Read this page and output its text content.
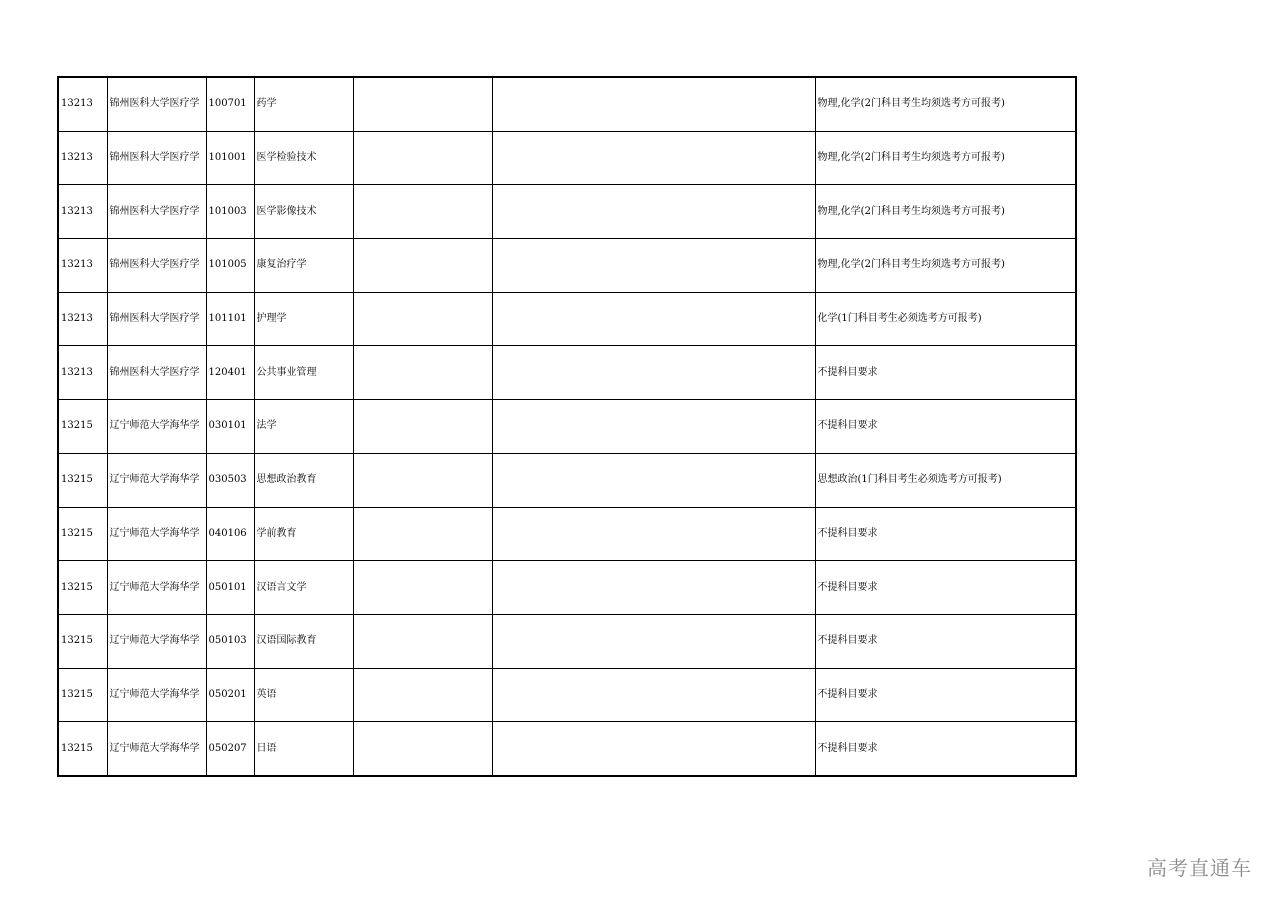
13213	锦州医科大学医疗学	100701	药学			物理,化学(2门科目考生均须选考方可报考)
13213	锦州医科大学医疗学	101001	医学检验技术			物理,化学(2门科目考生均须选考方可报考)
13213	锦州医科大学医疗学	101003	医学影像技术			物理,化学(2门科目考生均须选考方可报考)
13213	锦州医科大学医疗学	101005	康复治疗学			物理,化学(2门科目考生均须选考方可报考)
13213	锦州医科大学医疗学	101101	护理学			化学(1门科目考生必须选考方可报考)
13213	锦州医科大学医疗学	120401	公共事业管理			不提科目要求
13215	辽宁师范大学海华学	030101	法学			不提科目要求
13215	辽宁师范大学海华学	030503	思想政治教育			思想政治(1门科目考生必须选考方可报考)
13215	辽宁师范大学海华学	040106	学前教育			不提科目要求
13215	辽宁师范大学海华学	050101	汉语言文学			不提科目要求
13215	辽宁师范大学海华学	050103	汉语国际教育			不提科目要求
13215	辽宁师范大学海华学	050201	英语			不提科目要求
13215	辽宁师范大学海华学	050207	日语			不提科目要求
高考直通车
